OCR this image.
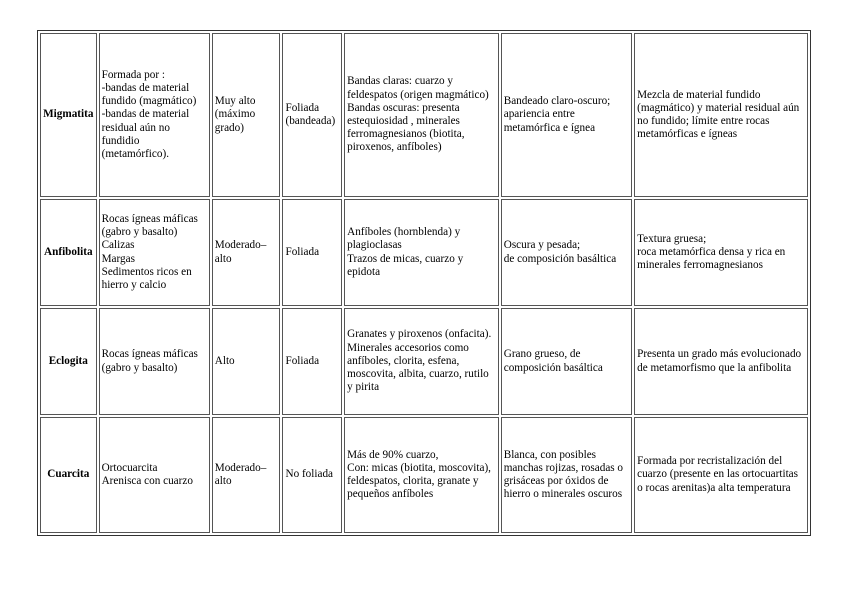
Migmatita	Formada por :
-bandas de material fundido (magmático)
-bandas de material residual aún no fundidio (metamórfico).	Muy alto (máximo grado)	Foliada (bandeada)	Bandas claras: cuarzo y feldespatos (origen magmático)
Bandas oscuras: presenta estequiosidad , minerales ferromagnesianos (biotita, piroxenos, anfíboles)	Bandeado claro-oscuro; apariencia entre metamórfica e ígnea	Mezcla de material fundido (magmático) y material residual aún no fundido; límite entre rocas metamórficas e ígneas

Anfibolita	Rocas ígneas máficas (gabro y basalto)
Calizas
Margas
Sedimentos ricos en hierro y calcio	Moderado–alto	Foliada	Anfíboles (hornblenda) y plagioclasas
Trazos de micas, cuarzo y epidota	Oscura y pesada;
de composición basáltica	Textura gruesa;
roca metamórfica densa y rica en minerales ferromagnesianos

Eclogita	Rocas ígneas máficas (gabro y basalto)	Alto	Foliada	Granates y piroxenos (onfacita).
Minerales accesorios como anfíboles, clorita, esfena, moscovita, albita, cuarzo, rutilo y pirita	Grano grueso, de composición basáltica	Presenta un grado más evolucionado de metamorfismo que la anfibolita

Cuarcita	Ortocuarcita
Arenisca con cuarzo	Moderado–alto	No foliada	Más de 90% cuarzo,
Con: micas (biotita, moscovita), feldespatos, clorita, granate y pequeños anfíboles	Blanca, con posibles manchas rojizas, rosadas o grisáceas por óxidos de hierro o minerales oscuros	Formada por recristalización del cuarzo (presente en las ortocuartitas o rocas arenitas)a alta temperatura
